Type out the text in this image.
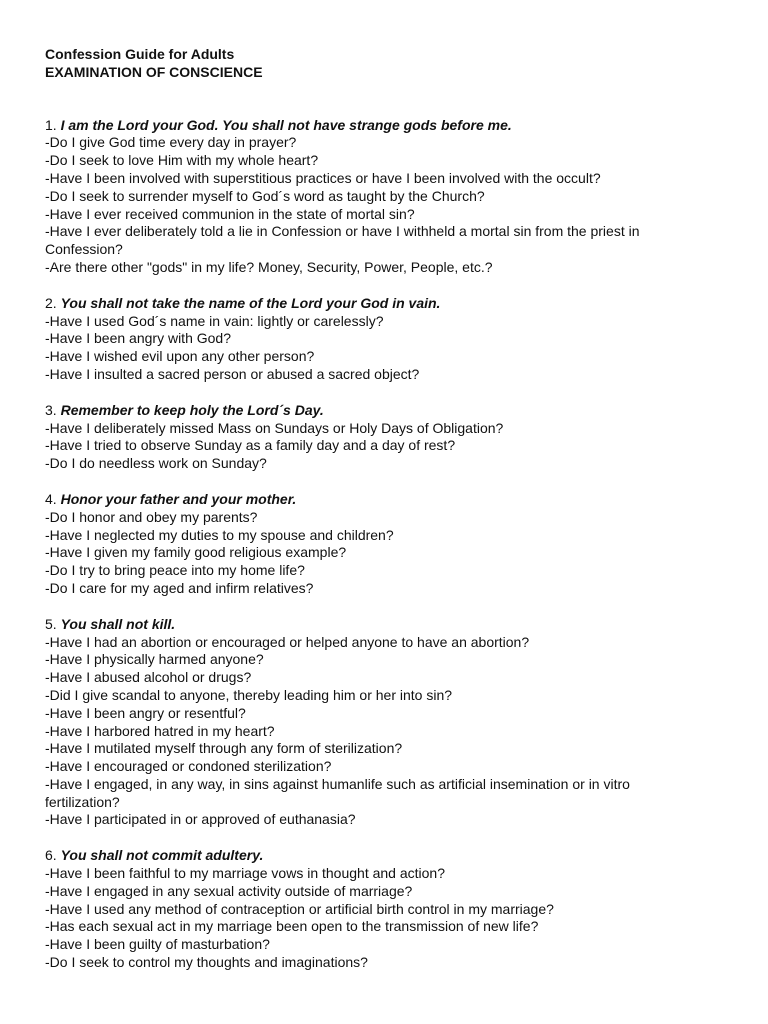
Confession Guide for Adults
EXAMINATION OF CONSCIENCE
1. I am the Lord your God. You shall not have strange gods before me.
-Do I give God time every day in prayer?
-Do I seek to love Him with my whole heart?
-Have I been involved with superstitious practices or have I been involved with the occult?
-Do I seek to surrender myself to God´s word as taught by the Church?
-Have I ever received communion in the state of mortal sin?
-Have I ever deliberately told a lie in Confession or have I withheld a mortal sin from the priest in
Confession?
-Are there other "gods" in my life? Money, Security, Power, People, etc.?
2. You shall not take the name of the Lord your God in vain.
-Have I used God´s name in vain: lightly or carelessly?
-Have I been angry with God?
-Have I wished evil upon any other person?
-Have I insulted a sacred person or abused a sacred object?
3. Remember to keep holy the Lord´s Day.
-Have I deliberately missed Mass on Sundays or Holy Days of Obligation?
-Have I tried to observe Sunday as a family day and a day of rest?
-Do I do needless work on Sunday?
4. Honor your father and your mother.
-Do I honor and obey my parents?
-Have I neglected my duties to my spouse and children?
-Have I given my family good religious example?
-Do I try to bring peace into my home life?
-Do I care for my aged and infirm relatives?
5. You shall not kill.
-Have I had an abortion or encouraged or helped anyone to have an abortion?
-Have I physically harmed anyone?
-Have I abused alcohol or drugs?
-Did I give scandal to anyone, thereby leading him or her into sin?
-Have I been angry or resentful?
-Have I harbored hatred in my heart?
-Have I mutilated myself through any form of sterilization?
-Have I encouraged or condoned sterilization?
-Have I engaged, in any way, in sins against humanlife such as artificial insemination or in vitro
fertilization?
-Have I participated in or approved of euthanasia?
6. You shall not commit adultery.
-Have I been faithful to my marriage vows in thought and action?
-Have I engaged in any sexual activity outside of marriage?
-Have I used any method of contraception or artificial birth control in my marriage?
-Has each sexual act in my marriage been open to the transmission of new life?
-Have I been guilty of masturbation?
-Do I seek to control my thoughts and imaginations?
